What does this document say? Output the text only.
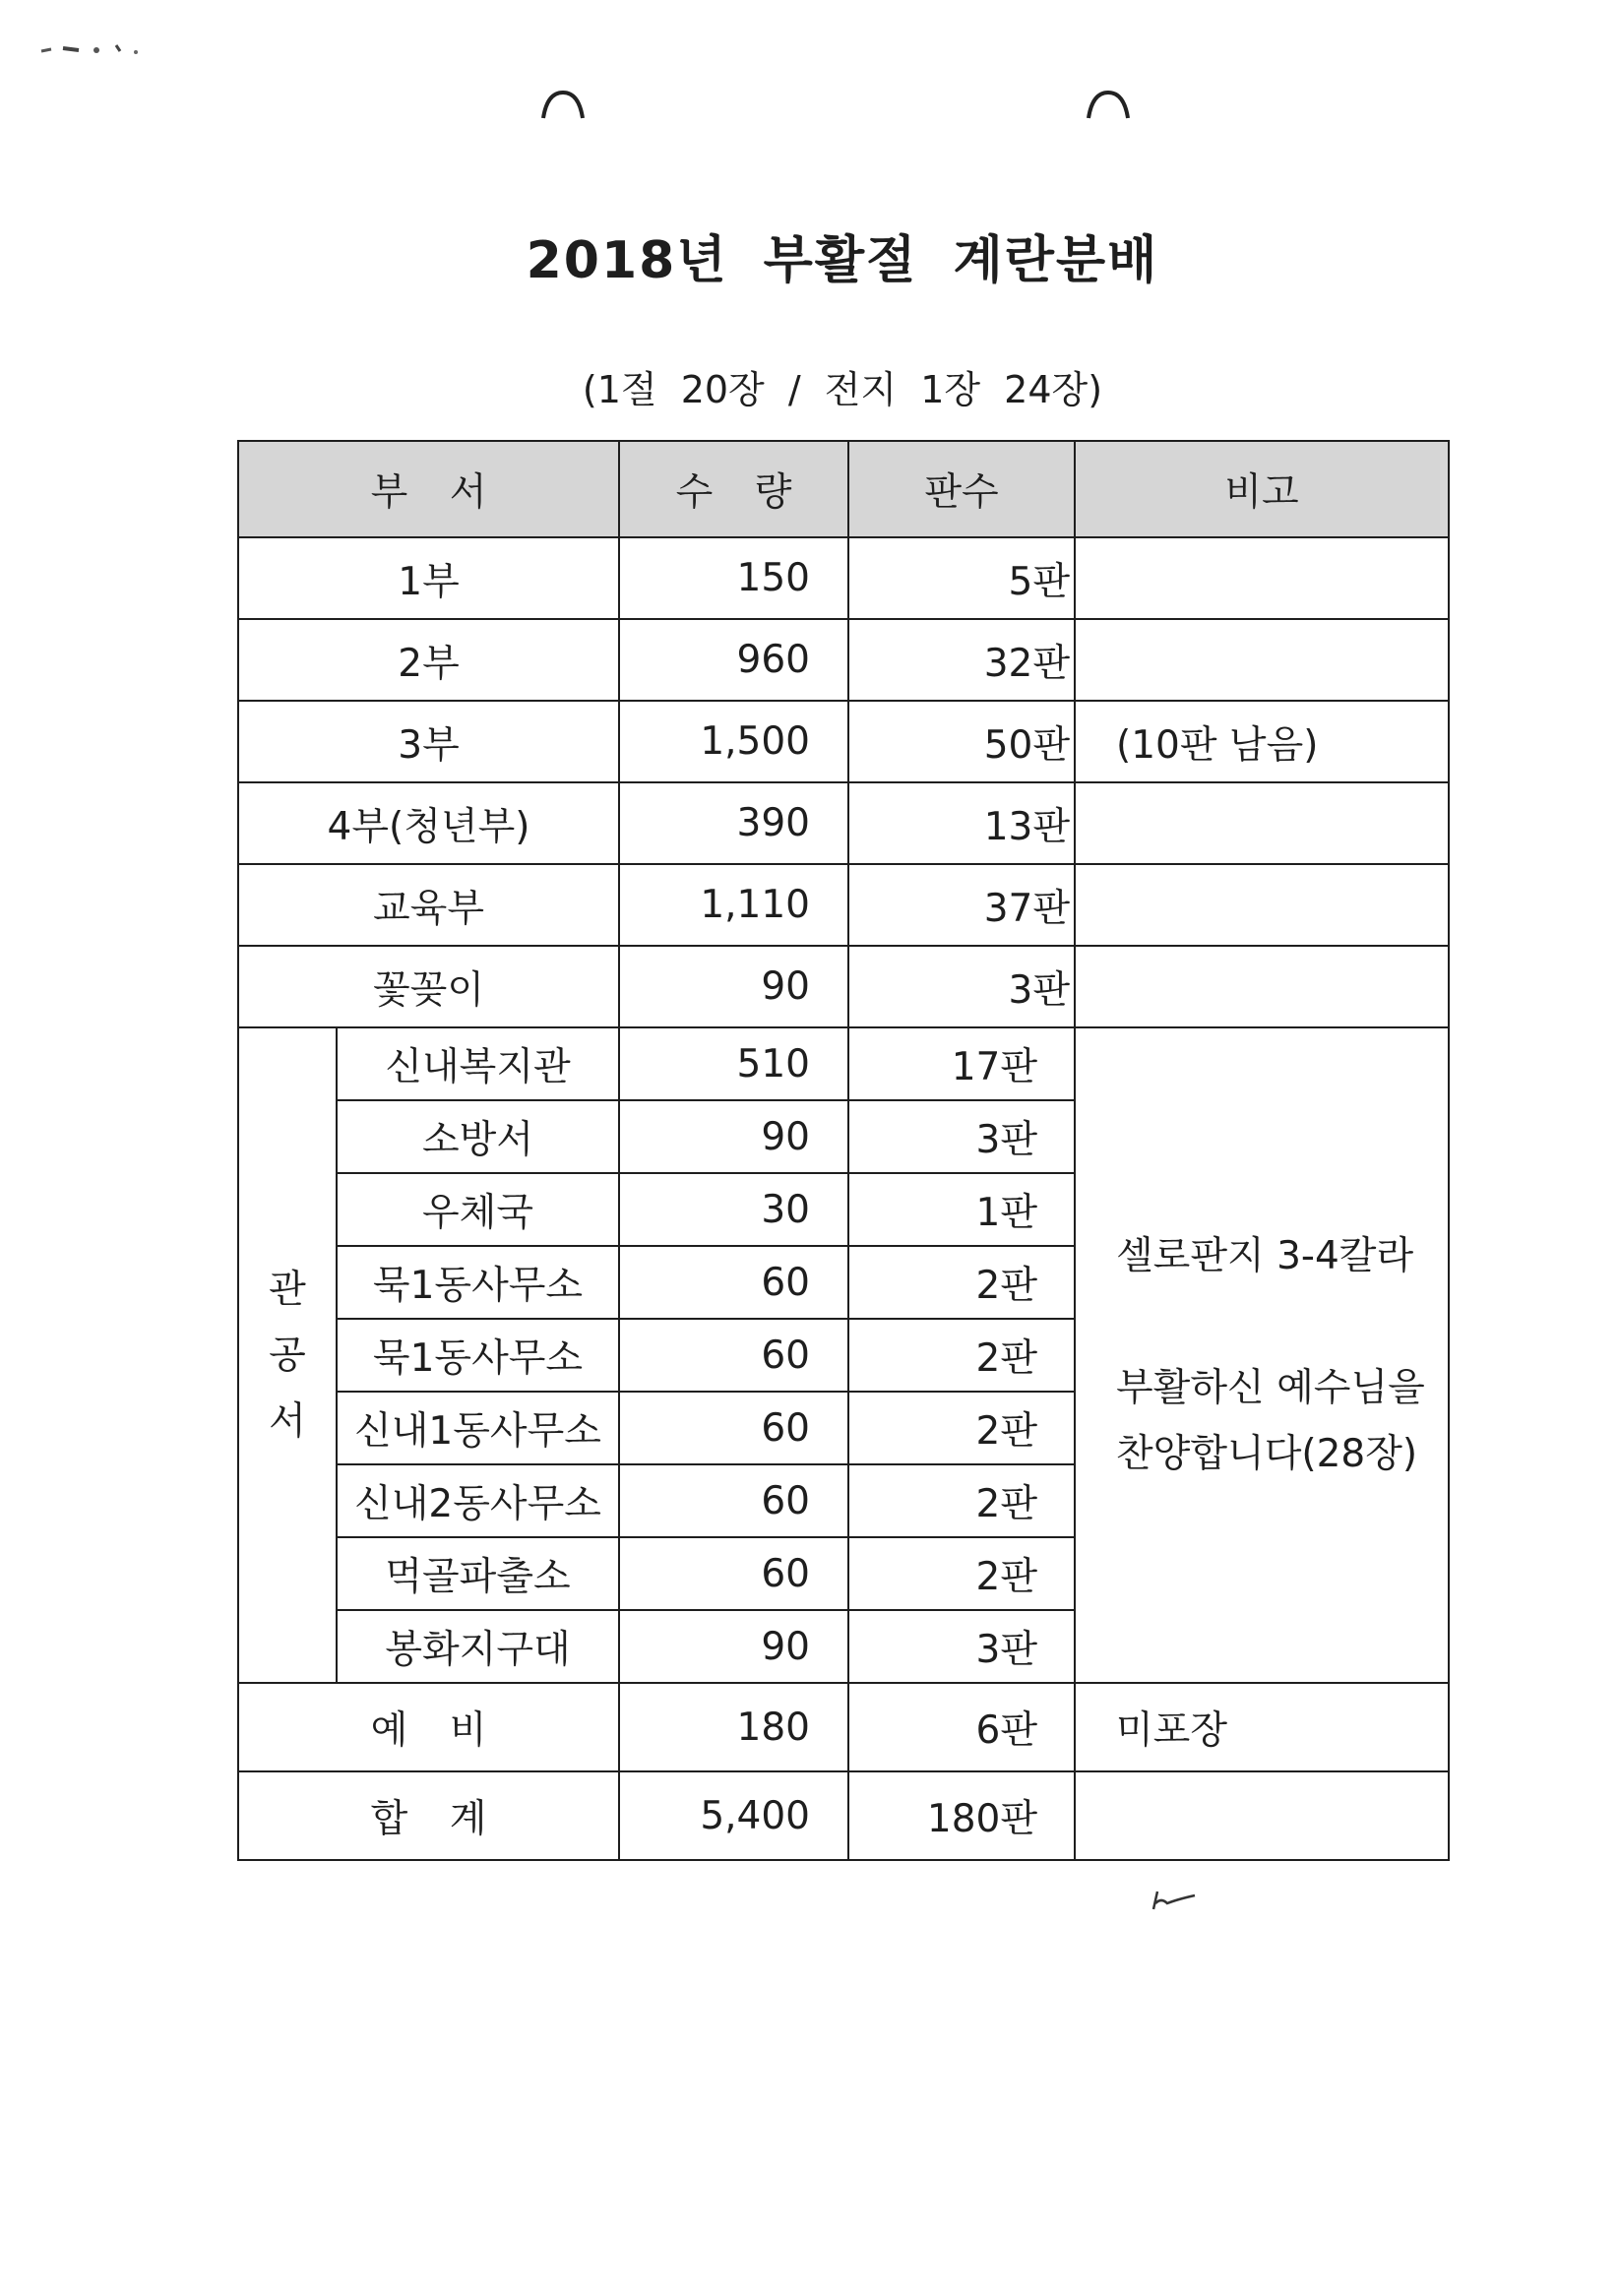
2018년 부활절 계란분배
(1절 20장 / 전지 1장 24장)
부 서		수 량	판수	비고
1부		150	5판	
2부		960	32판	
3부		1,500	50판	(10판 남음)
4부(청년부)		390	13판	
교육부		1,110	37판	
꽃꽂이		90	3판	

관공서	신내복지관	510	17판	셀로판지 3-4칼라
부활하신 예수님을
찬양합니다(28장)

	소방서	90	3판	
	우체국	30	1판	
	묵1동사무소	60	2판	
	묵1동사무소	60	2판	
	신내1동사무소	60	2판	
	신내2동사무소	60	2판	
	먹골파출소	60	2판	
	봉화지구대	90	3판	
예 비		180	6판	미포장
합 계		5,400	180판	
